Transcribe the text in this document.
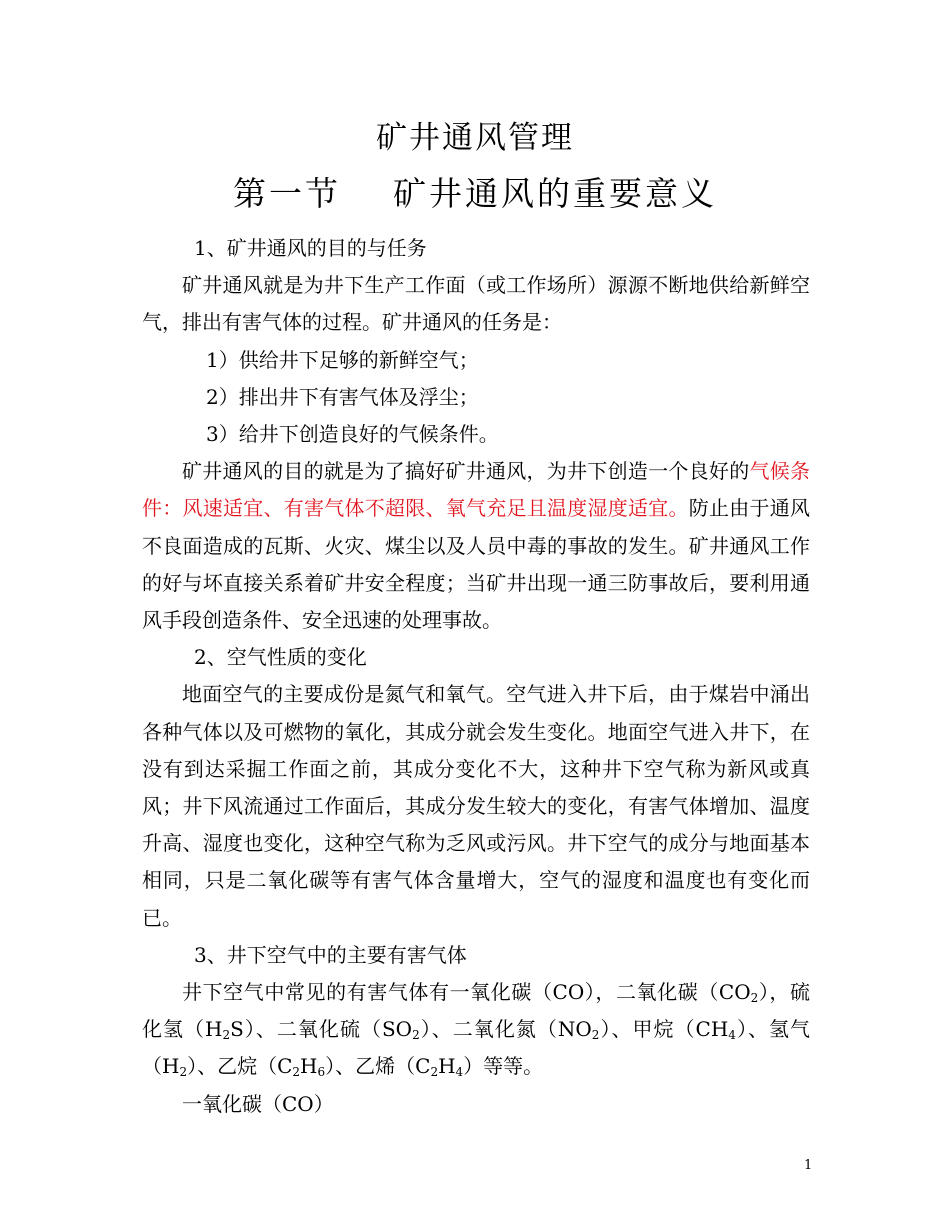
矿井通风管理
第一节 矿井通风的重要意义

1、矿井通风的目的与任务

矿井通风就是为井下生产工作面（或工作场所）源源不断地供给新鲜空气，排出有害气体的过程。矿井通风的任务是：

1）供给井下足够的新鲜空气；

2）排出井下有害气体及浮尘；

3）给井下创造良好的气候条件。

矿井通风的目的就是为了搞好矿井通风，为井下创造一个良好的气候条件：风速适宜、有害气体不超限、氧气充足且温度湿度适宜。防止由于通风不良面造成的瓦斯、火灾、煤尘以及人员中毒的事故的发生。矿井通风工作的好与坏直接关系着矿井安全程度；当矿井出现一通三防事故后，要利用通风手段创造条件、安全迅速的处理事故。

2、空气性质的变化

地面空气的主要成份是氮气和氧气。空气进入井下后，由于煤岩中涌出各种气体以及可燃物的氧化，其成分就会发生变化。地面空气进入井下，在没有到达采掘工作面之前，其成分变化不大，这种井下空气称为新风或真风；井下风流通过工作面后，其成分发生较大的变化，有害气体增加、温度升高、湿度也变化，这种空气称为乏风或污风。井下空气的成分与地面基本相同，只是二氧化碳等有害气体含量增大，空气的湿度和温度也有变化而已。

3、井下空气中的主要有害气体

井下空气中常见的有害气体有一氧化碳（CO），二氧化碳$(CO_2)$，硫化氢$(H_2S)$、二氧化硫$(SO_2)$、二氧化氮$(NO_2)$、甲烷$(CH_4)$、氢气$(H_2)$、乙烷$(C_2H_6)$、乙烯$(C_2H_4)$等等。

一氧化碳（CO）

1
